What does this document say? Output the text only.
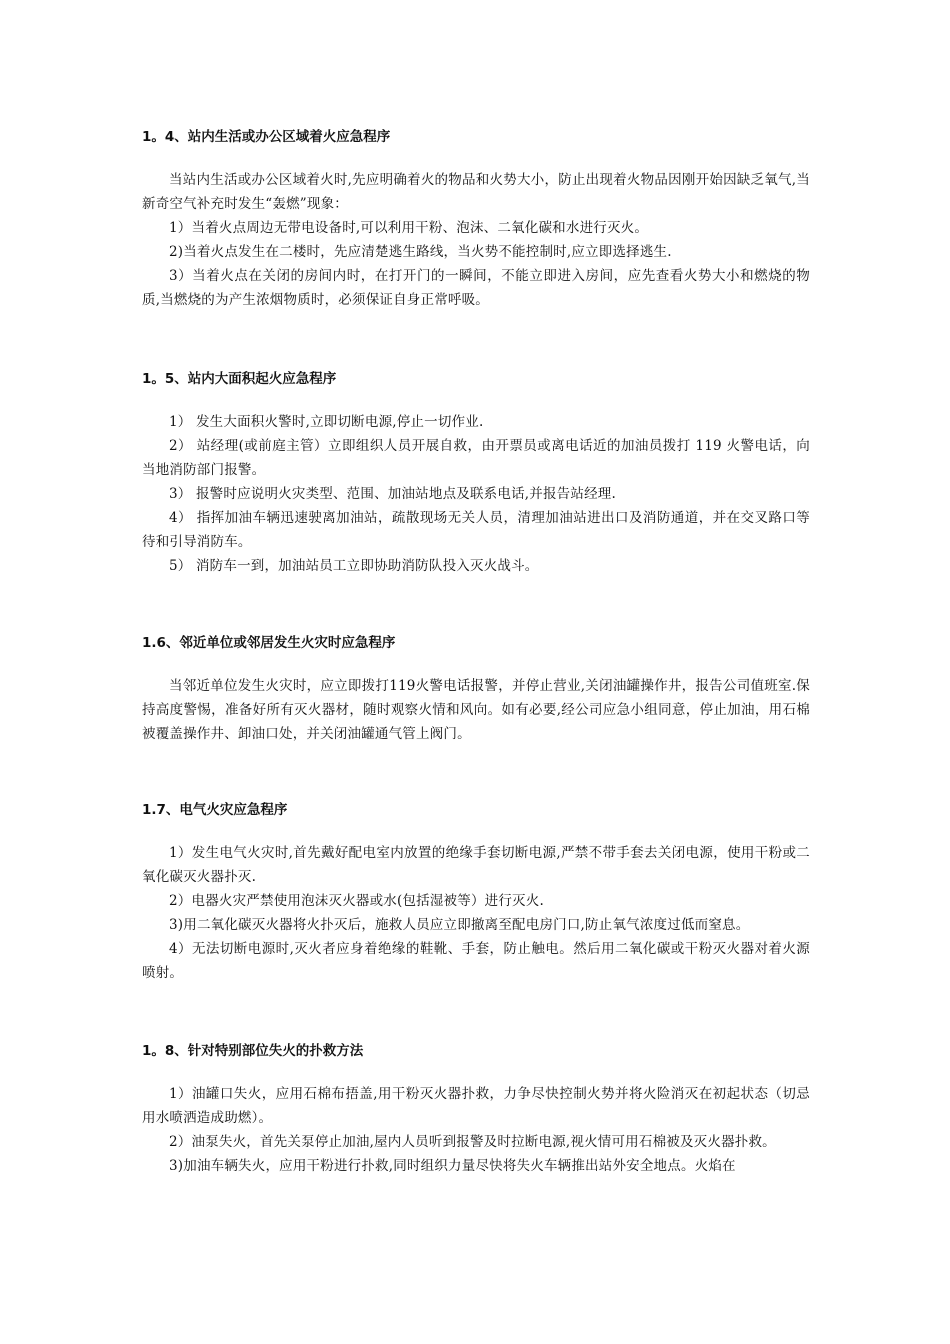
1。4、站内生活或办公区域着火应急程序

当站内生活或办公区域着火时,先应明确着火的物品和火势大小，防止出现着火物品因刚开始因缺乏氧气,当新奇空气补充时发生“轰燃”现象：

1）当着火点周边无带电设备时,可以利用干粉、泡沫、二氧化碳和水进行灭火。

2)当着火点发生在二楼时，先应清楚逃生路线，当火势不能控制时,应立即选择逃生.

3）当着火点在关闭的房间内时，在打开门的一瞬间，不能立即进入房间，应先查看火势大小和燃烧的物质,当燃烧的为产生浓烟物质时，必须保证自身正常呼吸。

1。5、站内大面积起火应急程序

1） 发生大面积火警时,立即切断电源,停止一切作业.

2） 站经理(或前庭主管）立即组织人员开展自救，由开票员或离电话近的加油员拨打 119 火警电话，向当地消防部门报警。

3） 报警时应说明火灾类型、范围、加油站地点及联系电话,并报告站经理.

4） 指挥加油车辆迅速驶离加油站，疏散现场无关人员，清理加油站进出口及消防通道，并在交叉路口等待和引导消防车。

5） 消防车一到，加油站员工立即协助消防队投入灭火战斗。

1.6、邻近单位或邻居发生火灾时应急程序

当邻近单位发生火灾时，应立即拨打119火警电话报警，并停止营业,关闭油罐操作井，报告公司值班室.保持高度警惕，准备好所有灭火器材，随时观察火情和风向。如有必要,经公司应急小组同意，停止加油，用石棉被覆盖操作井、卸油口处，并关闭油罐通气管上阀门。

1.7、电气火灾应急程序

1）发生电气火灾时,首先戴好配电室内放置的绝缘手套切断电源,严禁不带手套去关闭电源，使用干粉或二氧化碳灭火器扑灭.

2）电器火灾严禁使用泡沫灭火器或水(包括湿被等）进行灭火.

3)用二氧化碳灭火器将火扑灭后，施救人员应立即撤离至配电房门口,防止氧气浓度过低而窒息。

4）无法切断电源时,灭火者应身着绝缘的鞋靴、手套，防止触电。然后用二氧化碳或干粉灭火器对着火源喷射。

1。8、针对特别部位失火的扑救方法

1）油罐口失火，应用石棉布捂盖,用干粉灭火器扑救，力争尽快控制火势并将火险消灭在初起状态（切忌用水喷洒造成助燃）。

2）油泵失火，首先关泵停止加油,屋内人员听到报警及时拉断电源,视火情可用石棉被及灭火器扑救。

3)加油车辆失火，应用干粉进行扑救,同时组织力量尽快将失火车辆推出站外安全地点。火焰在
